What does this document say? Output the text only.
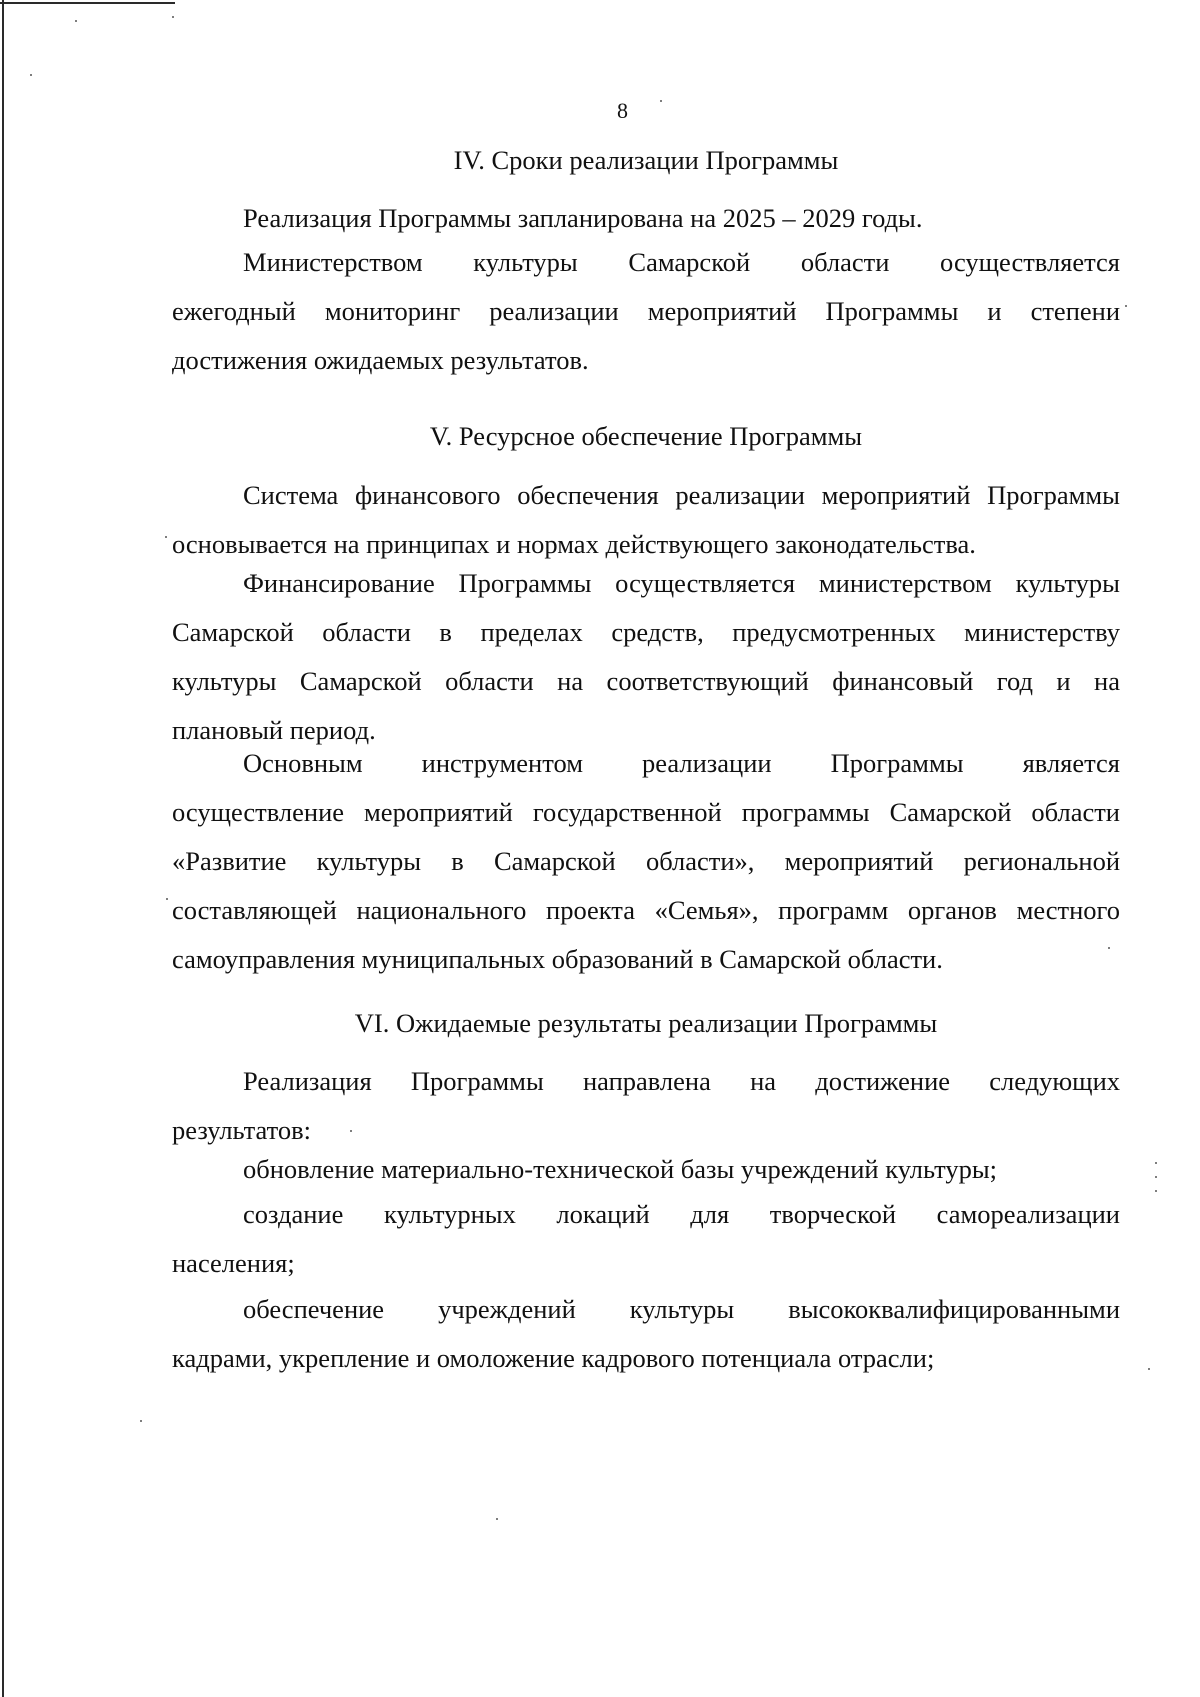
8
IV. Сроки реализации Программы
Реализация Программы запланирована на 2025 – 2029 годы.
Министерством культуры Самарской области осуществляется
ежегодный мониторинг реализации мероприятий Программы и степени
достижения ожидаемых результатов.
V. Ресурсное обеспечение Программы
Система финансового обеспечения реализации мероприятий Программы
основывается на принципах и нормах действующего законодательства.
Финансирование Программы осуществляется министерством культуры
Самарской области в пределах средств, предусмотренных министерству
культуры Самарской области на соответствующий финансовый год и на
плановый период.
Основным инструментом реализации Программы является
осуществление мероприятий государственной программы Самарской области
«Развитие культуры в Самарской области», мероприятий региональной
составляющей национального проекта «Семья», программ органов местного
самоуправления муниципальных образований в Самарской области.
VI. Ожидаемые результаты реализации Программы
Реализация Программы направлена на достижение следующих
результатов:
обновление материально-технической базы учреждений культуры;
создание культурных локаций для творческой самореализации
населения;
обеспечение учреждений культуры высококвалифицированными
кадрами, укрепление и омоложение кадрового потенциала отрасли;
